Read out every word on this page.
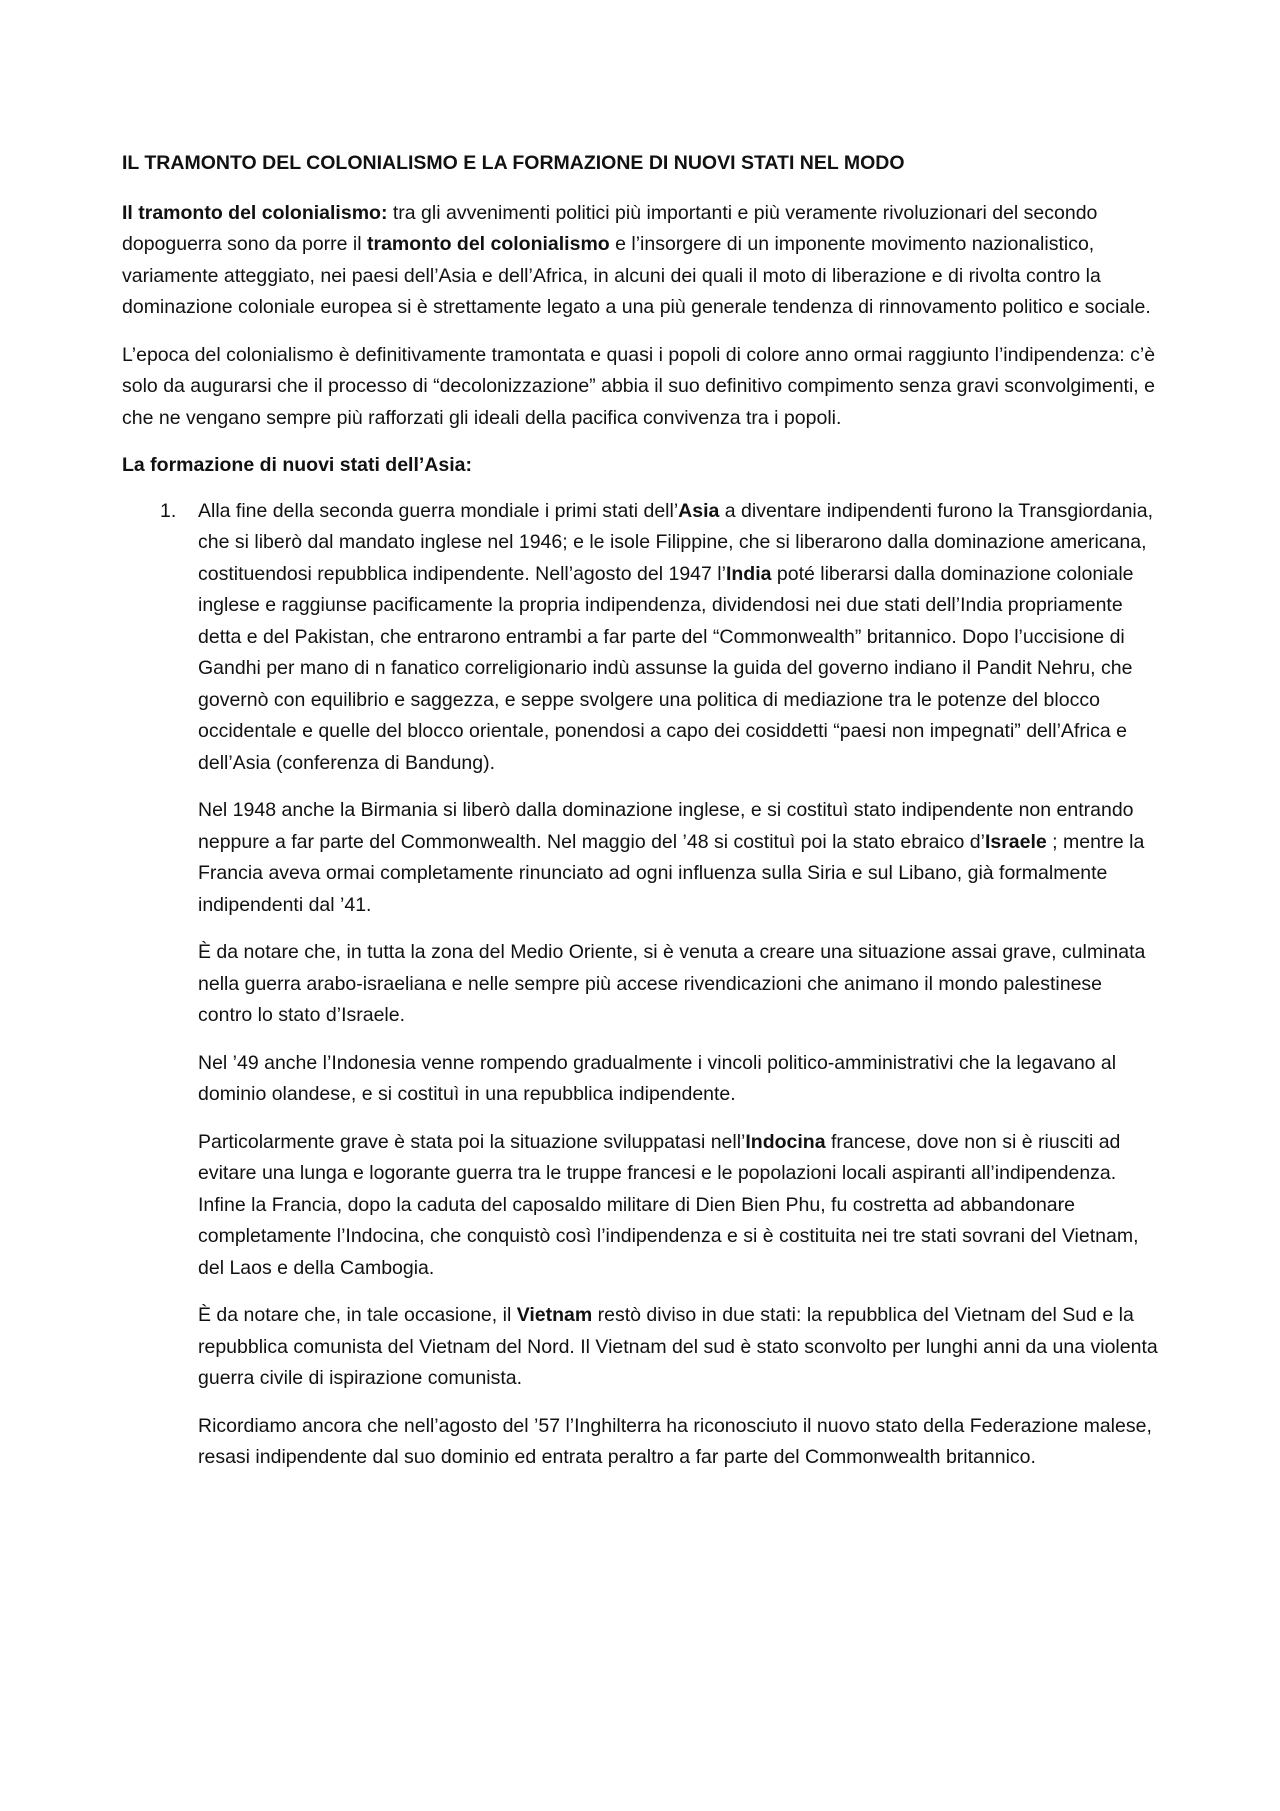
IL TRAMONTO DEL COLONIALISMO E LA FORMAZIONE DI NUOVI STATI NEL MODO

Il tramonto del colonialismo: tra gli avvenimenti politici più importanti e più veramente rivoluzionari del secondo dopoguerra sono da porre il tramonto del colonialismo e l’insorgere di un imponente movimento nazionalistico, variamente atteggiato, nei paesi dell’Asia e dell’Africa, in alcuni dei quali il moto di liberazione e di rivolta contro la dominazione coloniale europea si è strettamente legato a una più generale tendenza di rinnovamento politico e sociale.

L’epoca del colonialismo è definitivamente tramontata e quasi i popoli di colore anno ormai raggiunto l’indipendenza: c’è solo da augurarsi che il processo di “decolonizzazione” abbia il suo definitivo compimento senza gravi sconvolgimenti, e che ne vengano sempre più rafforzati gli ideali della pacifica convivenza tra i popoli.

La formazione di nuovi stati dell’Asia:
1. Alla fine della seconda guerra mondiale i primi stati dell’Asia a diventare indipendenti furono la Transgiordania, che si liberò dal mandato inglese nel 1946; e le isole Filippine, che si liberarono dalla dominazione americana, costituendosi repubblica indipendente. Nell’agosto del 1947 l’India poté liberarsi dalla dominazione coloniale inglese e raggiunse pacificamente la propria indipendenza, dividendosi nei due stati dell’India propriamente detta e del Pakistan, che entrarono entrambi a far parte del “Commonwealth” britannico. Dopo l’uccisione di Gandhi per mano di n fanatico correligionario indù assunse la guida del governo indiano il Pandit Nehru, che governò con equilibrio e saggezza, e seppe svolgere una politica di mediazione tra le potenze del blocco occidentale e quelle del blocco orientale, ponendosi a capo dei cosiddetti “paesi non impegnati” dell’Africa e dell’Asia (conferenza di Bandung).

Nel 1948 anche la Birmania si liberò dalla dominazione inglese, e si costituì stato indipendente non entrando neppure a far parte del Commonwealth. Nel maggio del ’48 si costituì poi la stato ebraico d’Israele ; mentre la Francia aveva ormai completamente rinunciato ad ogni influenza sulla Siria e sul Libano, già formalmente indipendenti dal ’41.

È da notare che, in tutta la zona del Medio Oriente, si è venuta a creare una situazione assai grave, culminata nella guerra arabo-israeliana e nelle sempre più accese rivendicazioni che animano il mondo palestinese contro lo stato d’Israele.

Nel ’49 anche l’Indonesia venne rompendo gradualmente i vincoli politico-amministrativi che la legavano al dominio olandese, e si costituì in una repubblica indipendente.

Particolarmente grave è stata poi la situazione sviluppatasi nell’Indocina francese, dove non si è riusciti ad evitare una lunga e logorante guerra tra le truppe francesi e le popolazioni locali aspiranti all’indipendenza. Infine la Francia, dopo la caduta del caposaldo militare di Dien Bien Phu, fu costretta ad abbandonare completamente l’Indocina, che conquistò così l’indipendenza e si è costituita nei tre stati sovrani del Vietnam, del Laos e della Cambogia.

È da notare che, in tale occasione, il Vietnam restò diviso in due stati: la repubblica del Vietnam del Sud e la repubblica comunista del Vietnam del Nord. Il Vietnam del sud è stato sconvolto per lunghi anni da una violenta guerra civile di ispirazione comunista.

Ricordiamo ancora che nell’agosto del ’57 l’Inghilterra ha riconosciuto il nuovo stato della Federazione malese, resasi indipendente dal suo dominio ed entrata peraltro a far parte del Commonwealth britannico.
